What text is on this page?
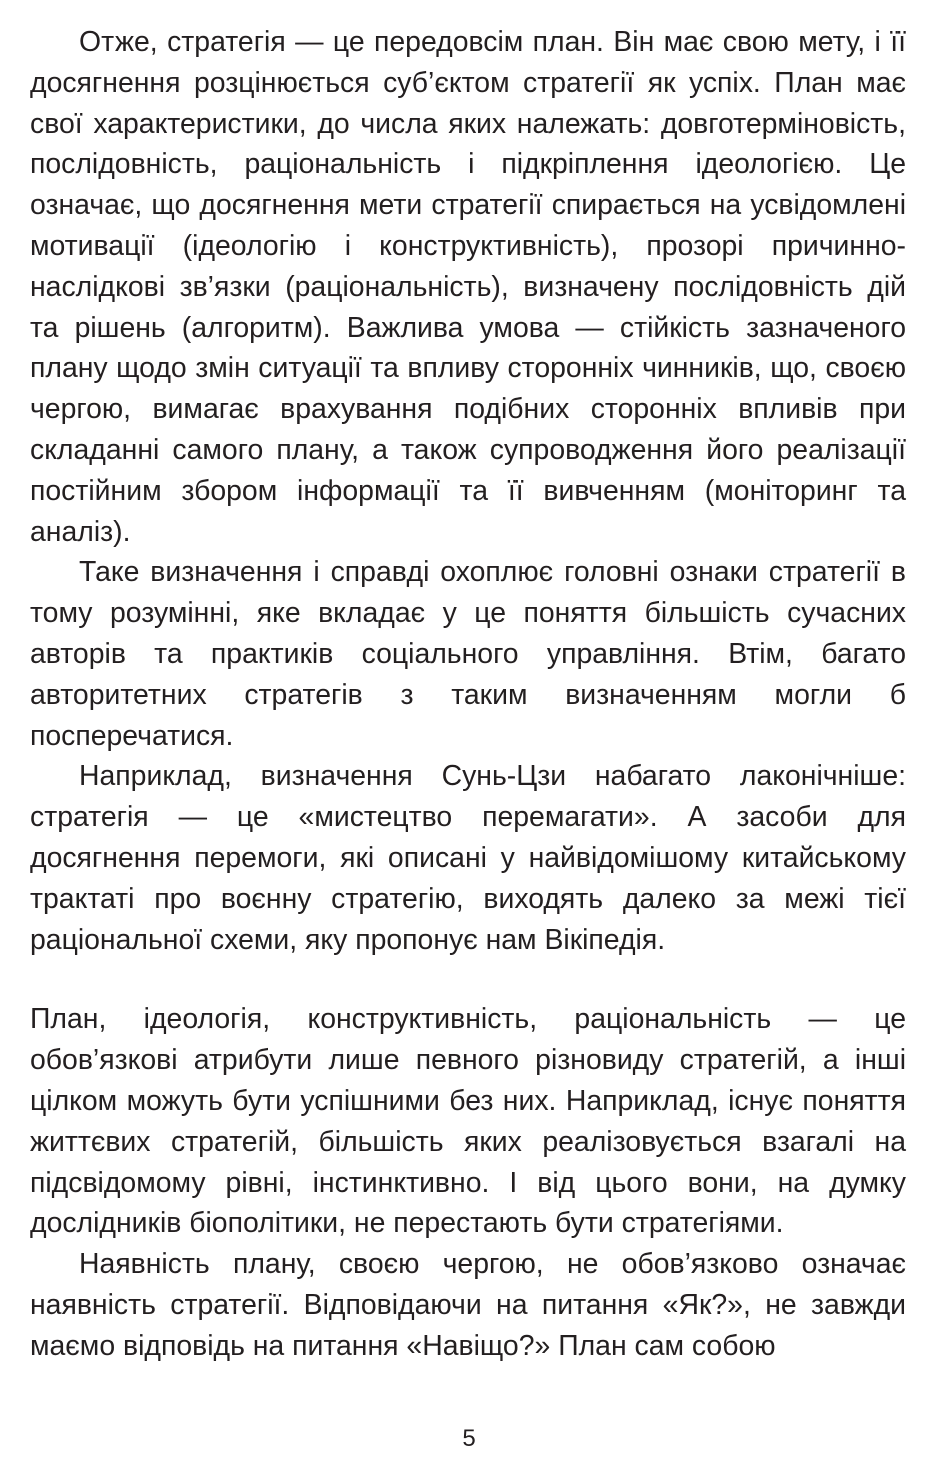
Отже, стратегія — це передовсім план. Він має свою мету, і її досягнення розцінюється суб’єктом стратегії як успіх. План має свої характеристики, до числа яких належать: довготерміновість, послідовність, раціональність і підкріплення ідеологією. Це означає, що досягнення мети стратегії спирається на усвідомлені мотивації (ідеологію і конструктивність), прозорі причинно-наслідкові зв’язки (раціональність), визначену послідовність дій та рішень (алгоритм). Важлива умова — стійкість зазначеного плану щодо змін ситуації та впливу сторонніх чинників, що, своєю чергою, вимагає врахування подібних сторонніх впливів при складанні самого плану, а також супроводження його реалізації постійним збором інформації та її вивченням (моніторинг та аналіз).

Таке визначення і справді охоплює головні ознаки стратегії в тому розумінні, яке вкладає у це поняття більшість сучасних авторів та практиків соціального управління. Втім, багато авторитетних стратегів з таким визначенням могли б посперечатися.

Наприклад, визначення Сунь-Цзи набагато лаконічніше: стратегія — це «мистецтво перемагати». А засоби для досягнення перемоги, які описані у найвідомішому китайському трактаті про воєнну стратегію, виходять далеко за межі тієї раціональної схеми, яку пропонує нам Вікіпедія.

План, ідеологія, конструктивність, раціональність — це обов’язкові атрибути лише певного різновиду стратегій, а інші цілком можуть бути успішними без них. Наприклад, існує поняття життєвих стратегій, більшість яких реалізовується взагалі на підсвідомому рівні, інстинктивно. І від цього вони, на думку дослідників біополітики, не перестають бути стратегіями.

Наявність плану, своєю чергою, не обов’язково означає наявність стратегії. Відповідаючи на питання «Як?», не завжди маємо відповідь на питання «Навіщо?» План сам собою

5
